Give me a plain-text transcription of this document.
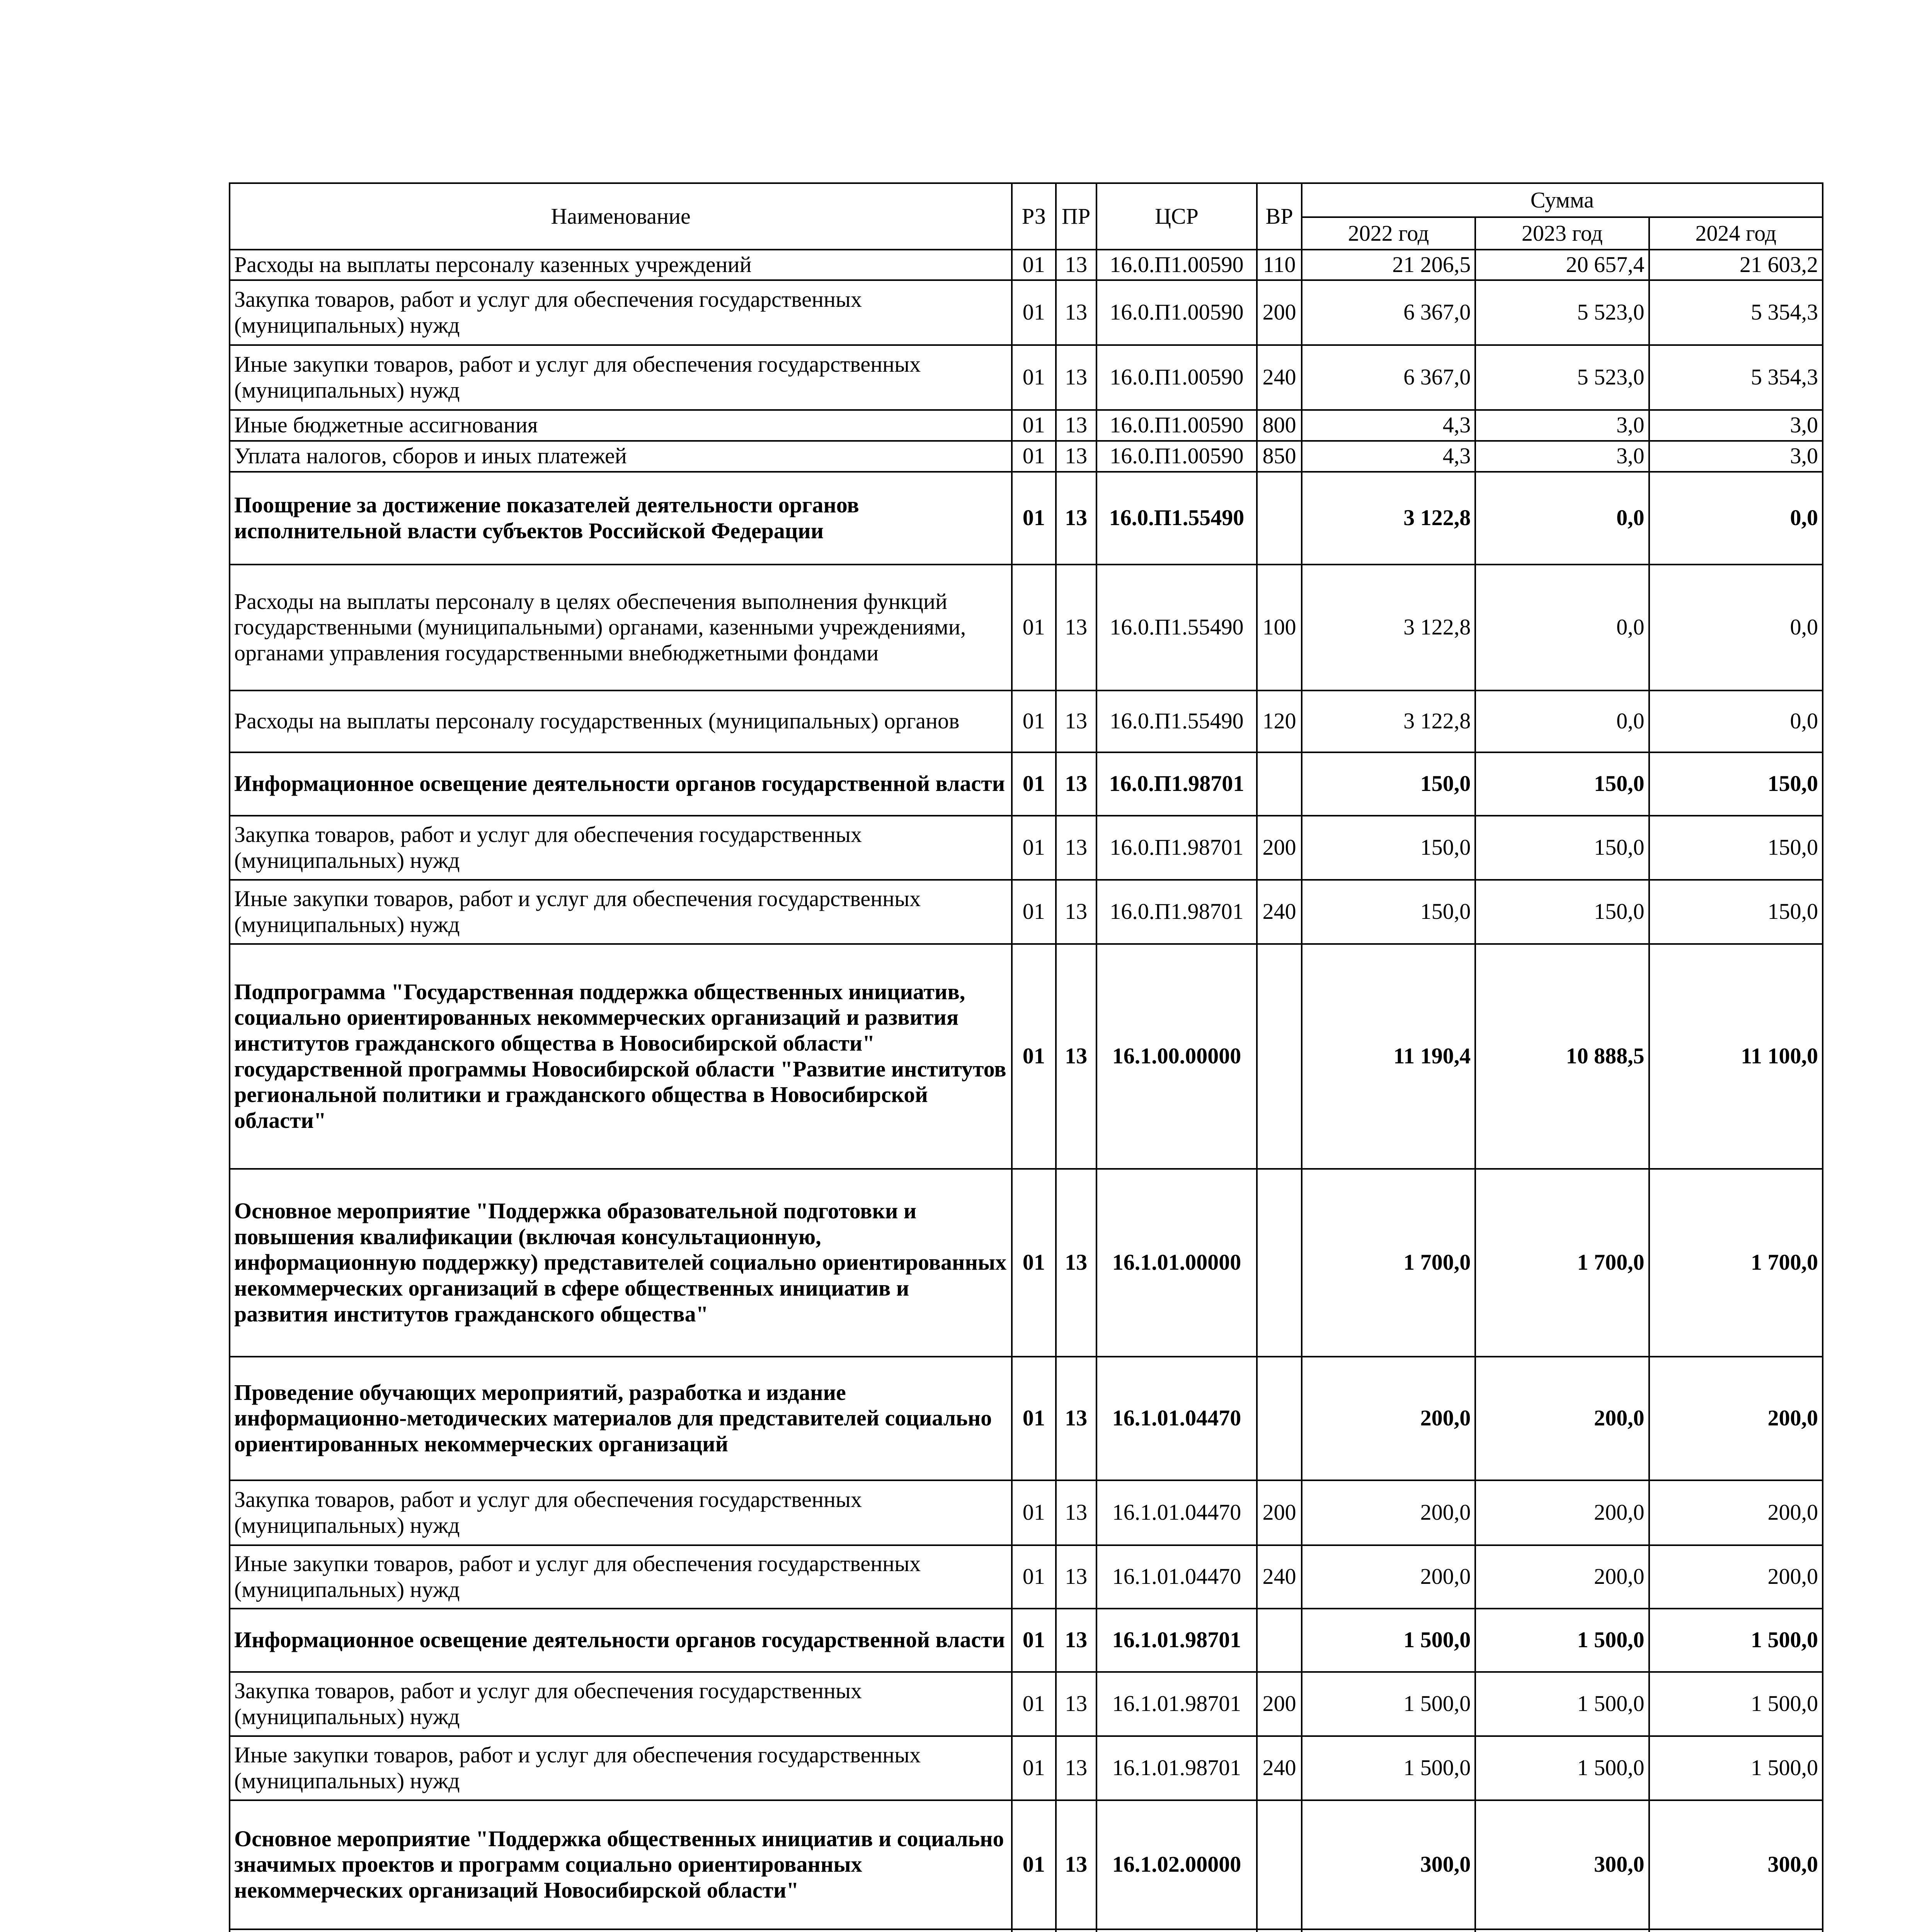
Наименование	РЗ	ПР	ЦСР	ВР	Сумма		
					2022 год	2023 год	2024 год
Расходы на выплаты персоналу казенных учреждений	01	13	16.0.П1.00590	110	21 206,5	20 657,4	21 603,2
Закупка товаров, работ и услуг для обеспечения государственных (муниципальных) нужд	01	13	16.0.П1.00590	200	6 367,0	5 523,0	5 354,3
Иные закупки товаров, работ и услуг для обеспечения государственных (муниципальных) нужд	01	13	16.0.П1.00590	240	6 367,0	5 523,0	5 354,3
Иные бюджетные ассигнования	01	13	16.0.П1.00590	800	4,3	3,0	3,0
Уплата налогов, сборов и иных платежей	01	13	16.0.П1.00590	850	4,3	3,0	3,0
Поощрение за достижение показателей деятельности органов исполнительной власти субъектов Российской Федерации	01	13	16.0.П1.55490		3 122,8	0,0	0,0
Расходы на выплаты персоналу в целях обеспечения выполнения функций государственными (муниципальными) органами, казенными учреждениями, органами управления государственными внебюджетными фондами	01	13	16.0.П1.55490	100	3 122,8	0,0	0,0
Расходы на выплаты персоналу государственных (муниципальных) органов	01	13	16.0.П1.55490	120	3 122,8	0,0	0,0
Информационное освещение деятельности органов государственной власти	01	13	16.0.П1.98701		150,0	150,0	150,0
Закупка товаров, работ и услуг для обеспечения государственных (муниципальных) нужд	01	13	16.0.П1.98701	200	150,0	150,0	150,0
Иные закупки товаров, работ и услуг для обеспечения государственных (муниципальных) нужд	01	13	16.0.П1.98701	240	150,0	150,0	150,0
Подпрограмма "Государственная поддержка общественных инициатив, социально ориентированных некоммерческих организаций и развития институтов гражданского общества в Новосибирской области" государственной программы Новосибирской области "Развитие институтов региональной политики и гражданского общества в Новосибирской области"	01	13	16.1.00.00000		11 190,4	10 888,5	11 100,0
Основное мероприятие "Поддержка образовательной подготовки и повышения квалификации (включая консультационную, информационную поддержку) представителей социально ориентированных некоммерческих организаций в сфере общественных инициатив и развития институтов гражданского общества"	01	13	16.1.01.00000		1 700,0	1 700,0	1 700,0
Проведение обучающих мероприятий, разработка и издание информационно-методических материалов для представителей социально ориентированных некоммерческих организаций	01	13	16.1.01.04470		200,0	200,0	200,0
Закупка товаров, работ и услуг для обеспечения государственных (муниципальных) нужд	01	13	16.1.01.04470	200	200,0	200,0	200,0
Иные закупки товаров, работ и услуг для обеспечения государственных (муниципальных) нужд	01	13	16.1.01.04470	240	200,0	200,0	200,0
Информационное освещение деятельности органов государственной власти	01	13	16.1.01.98701		1 500,0	1 500,0	1 500,0
Закупка товаров, работ и услуг для обеспечения государственных (муниципальных) нужд	01	13	16.1.01.98701	200	1 500,0	1 500,0	1 500,0
Иные закупки товаров, работ и услуг для обеспечения государственных (муниципальных) нужд	01	13	16.1.01.98701	240	1 500,0	1 500,0	1 500,0
Основное мероприятие "Поддержка общественных инициатив и социально значимых проектов и программ социально ориентированных некоммерческих организаций Новосибирской области"	01	13	16.1.02.00000		300,0	300,0	300,0
